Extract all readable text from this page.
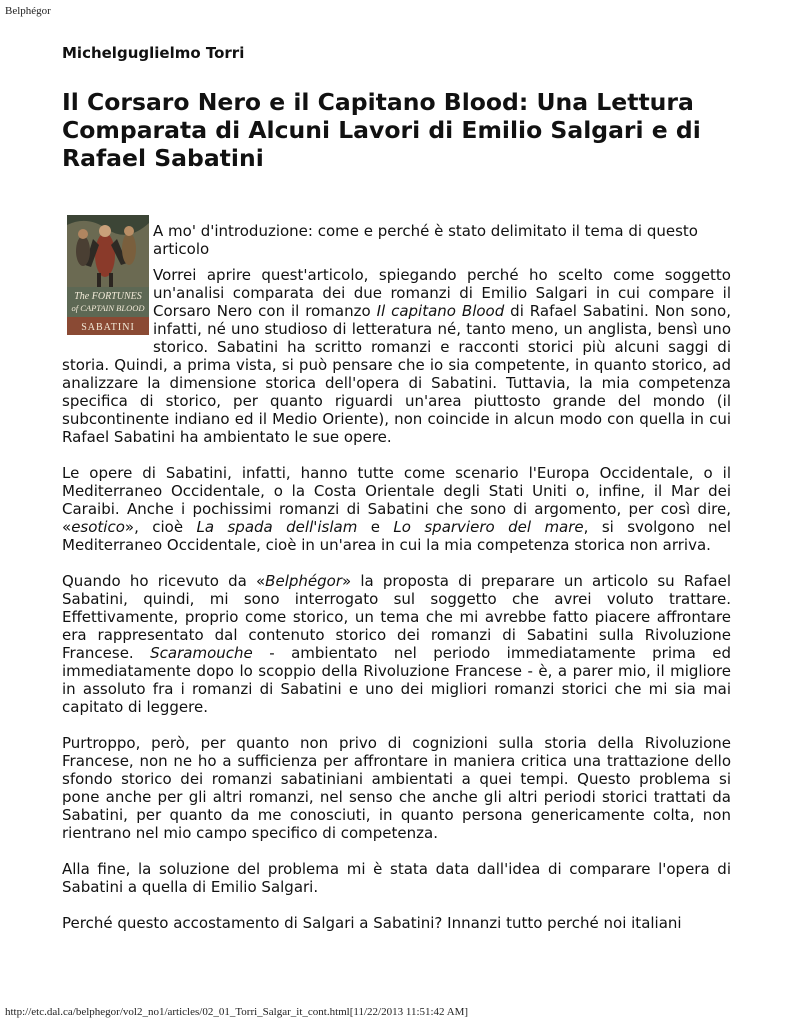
Belphégor
Michelguglielmo Torri
Il Corsaro Nero e il Capitano Blood: Una Lettura Comparata di Alcuni Lavori di Emilio Salgari e di Rafael Sabatini
The FORTUNES
of CAPTAIN BLOOD
SABATINI

A mo' d'introduzione: come e perché è stato delimitato il tema di questo articolo

Vorrei aprire quest'articolo, spiegando perché ho scelto come soggetto un'analisi comparata dei due romanzi di Emilio Salgari in cui compare il Corsaro Nero con il romanzo Il capitano Blood di Rafael Sabatini. Non sono, infatti, né uno studioso di letteratura né, tanto meno, un anglista, bensì uno storico. Sabatini ha scritto romanzi e racconti storici più alcuni saggi di storia. Quindi, a prima vista, si può pensare che io sia competente, in quanto storico, ad analizzare la dimensione storica dell'opera di Sabatini. Tuttavia, la mia competenza specifica di storico, per quanto riguardi un'area piuttosto grande del mondo (il subcontinente indiano ed il Medio Oriente), non coincide in alcun modo con quella in cui Rafael Sabatini ha ambientato le sue opere.

Le opere di Sabatini, infatti, hanno tutte come scenario l'Europa Occidentale, o il Mediterraneo Occidentale, o la Costa Orientale degli Stati Uniti o, infine, il Mar dei Caraibi. Anche i pochissimi romanzi di Sabatini che sono di argomento, per così dire, «esotico», cioè La spada dell'islam e Lo sparviero del mare, si svolgono nel Mediterraneo Occidentale, cioè in un'area in cui la mia competenza storica non arriva.

Quando ho ricevuto da «Belphégor» la proposta di preparare un articolo su Rafael Sabatini, quindi, mi sono interrogato sul soggetto che avrei voluto trattare. Effettivamente, proprio come storico, un tema che mi avrebbe fatto piacere affrontare era rappresentato dal contenuto storico dei romanzi di Sabatini sulla Rivoluzione Francese. Scaramouche - ambientato nel periodo immediatamente prima ed immediatamente dopo lo scoppio della Rivoluzione Francese - è, a parer mio, il migliore in assoluto fra i romanzi di Sabatini e uno dei migliori romanzi storici che mi sia mai capitato di leggere.

Purtroppo, però, per quanto non privo di cognizioni sulla storia della Rivoluzione Francese, non ne ho a sufficienza per affrontare in maniera critica una trattazione dello sfondo storico dei romanzi sabatiniani ambientati a quei tempi. Questo problema si pone anche per gli altri romanzi, nel senso che anche gli altri periodi storici trattati da Sabatini, per quanto da me conosciuti, in quanto persona genericamente colta, non rientrano nel mio campo specifico di competenza.

Alla fine, la soluzione del problema mi è stata data dall'idea di comparare l'opera di Sabatini a quella di Emilio Salgari.

Perché questo accostamento di Salgari a Sabatini? Innanzi tutto perché noi italiani

http://etc.dal.ca/belphegor/vol2_no1/articles/02_01_Torri_Salgar_it_cont.html[11/22/2013 11:51:42 AM]
